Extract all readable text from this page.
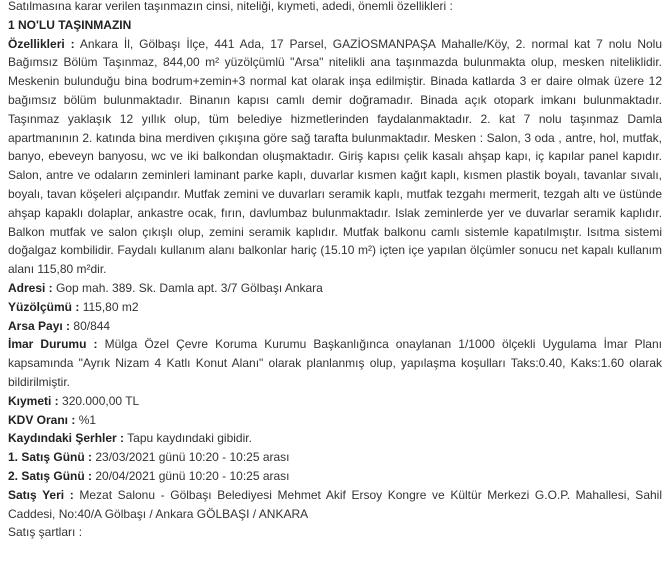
Satılmasına karar verilen taşınmazın cinsi, niteliği, kıymeti, adedi, önemli özellikleri :

1 NO'LU TAŞINMAZIN

Özellikleri : Ankara İl, Gölbaşı İlçe, 441 Ada, 17 Parsel, GAZİOSMANPAŞA Mahalle/Köy, 2. normal kat 7 nolu Nolu Bağımsız Bölüm Taşınmaz, 844,00 m² yüzölçümlü "Arsa" nitelikli ana taşınmazda bulunmakta olup, mesken niteliklidir. Meskenin bulunduğu bina bodrum+zemin+3 normal kat olarak inşa edilmiştir. Binada katlarda 3 er daire olmak üzere 12 bağımsız bölüm bulunmaktadır. Binanın kapısı camlı demir doğramadır. Binada açık otopark imkanı bulunmaktadır. Taşınmaz yaklaşık 12 yıllık olup, tüm belediye hizmetlerinden faydalanmaktadır. 2. kat 7 nolu taşınmaz Damla apartmanının 2. katında bina merdiven çıkışına göre sağ tarafta bulunmaktadır. Mesken : Salon, 3 oda , antre, hol, mutfak, banyo, ebeveyn banyosu, wc ve iki balkondan oluşmaktadır. Giriş kapısı çelik kasalı ahşap kapı, iç kapılar panel kapıdır. Salon, antre ve odaların zeminleri laminant parke kaplı, duvarlar kısmen kağıt kaplı, kısmen plastik boyalı, tavanlar sıvalı, boyalı, tavan köşeleri alçıpandır. Mutfak zemini ve duvarları seramik kaplı, mutfak tezgahı mermerit, tezgah altı ve üstünde ahşap kapaklı dolaplar, ankastre ocak, fırın, davlumbaz bulunmaktadır. Islak zeminlerde yer ve duvarlar seramik kaplıdır. Balkon mutfak ve salon çıkışlı olup, zemini seramik kaplıdır. Mutfak balkonu camlı sistemle kapatılmıştır. Isıtma sistemi doğalgaz kombilidir. Faydalı kullanım alanı balkonlar hariç (15.10 m²) içten içe yapılan ölçümler sonucu net kapalı kullanım alanı 115,80 m²dir.

Adresi : Gop mah. 389. Sk. Damla apt. 3/7 Gölbaşı Ankara

Yüzölçümü : 115,80 m2

Arsa Payı : 80/844

İmar Durumu : Mülga Özel Çevre Koruma Kurumu Başkanlığınca onaylanan 1/1000 ölçekli Uygulama İmar Planı kapsamında "Ayrık Nizam 4 Katlı Konut Alanı" olarak planlanmış olup, yapılaşma koşulları Taks:0.40, Kaks:1.60 olarak bildirilmiştir.

Kıymeti : 320.000,00 TL

KDV Oranı : %1

Kaydındaki Şerhler : Tapu kaydındaki gibidir.

1. Satış Günü : 23/03/2021 günü 10:20 - 10:25 arası

2. Satış Günü : 20/04/2021 günü 10:20 - 10:25 arası

Satış Yeri : Mezat Salonu - Gölbaşı Belediyesi Mehmet Akif Ersoy Kongre ve Kültür Merkezi G.O.P. Mahallesi, Sahil Caddesi, No:40/A Gölbaşı / Ankara GÖLBAŞI / ANKARA

Satış şartları :
